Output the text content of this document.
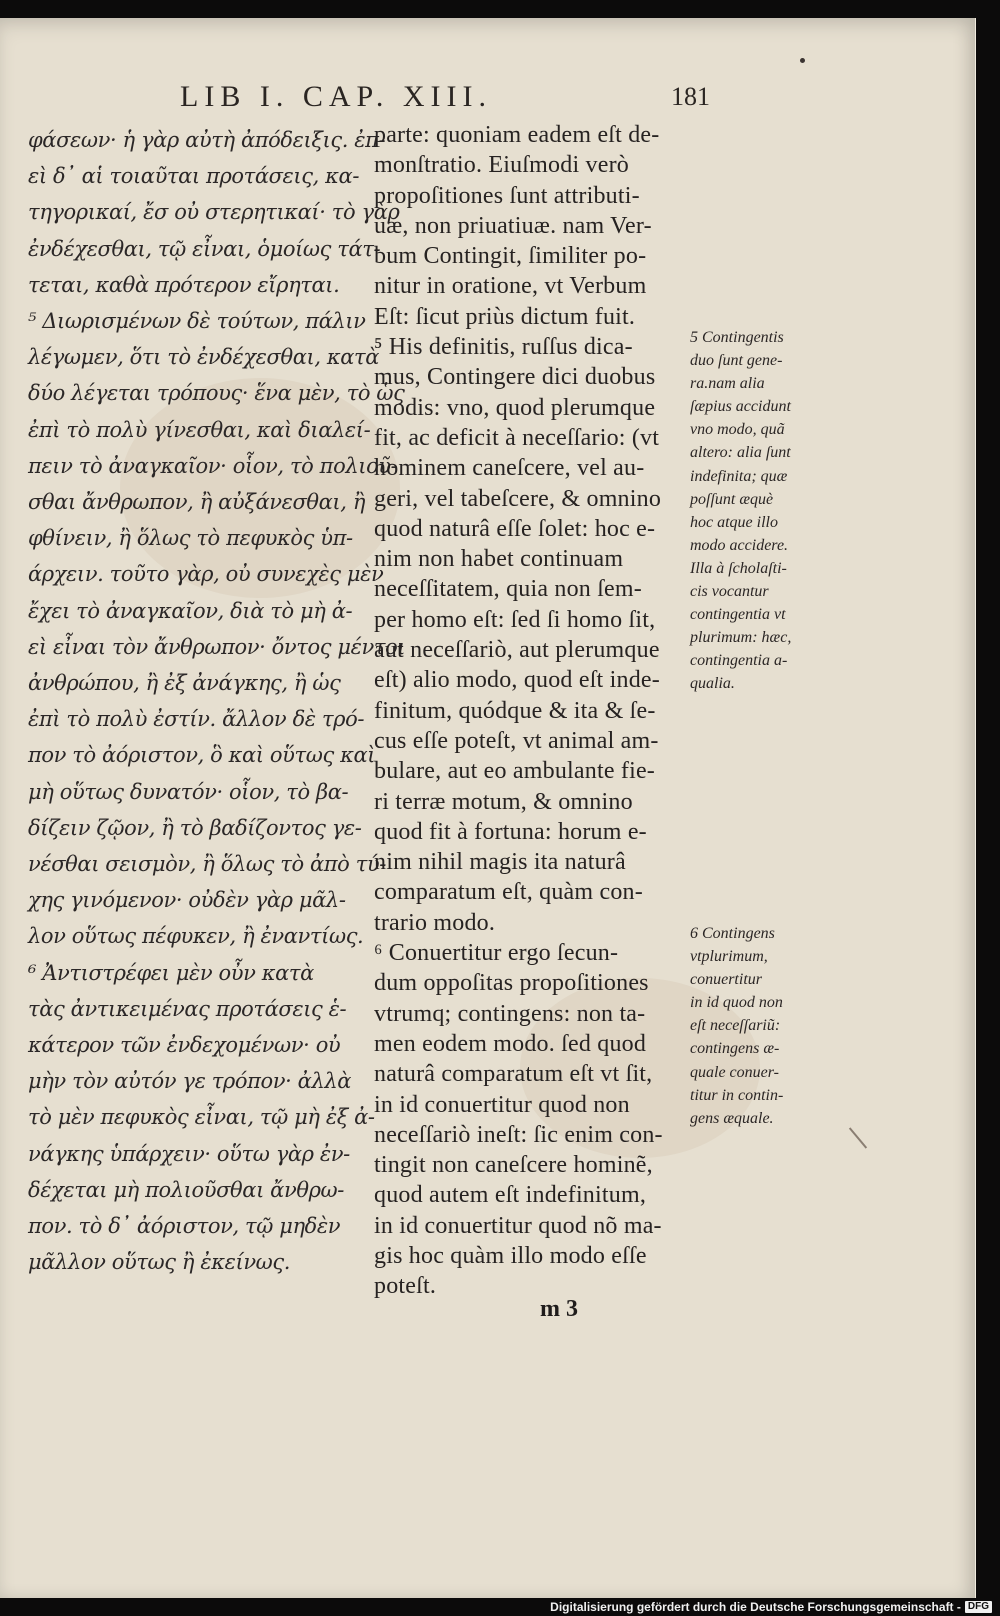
LIB I. CAP. XIII.	181
φάσεων· ἡ γὰρ αὐτὴ ἀπόδειξις. ἐπ-
εὶ δ᾽ αἱ τοιαῦται προτάσεις, κα-
τηγορικαί, ἔσ οὐ στερητικαί· τὸ γὰρ
ἐνδέχεσθαι, τῷ εἶναι, ὁμοίως τάτ-
τεται, καθὰ πρότερον εἴρηται.
⁵ Διωρισμένων δὲ τούτων, πάλιν
λέγωμεν, ὅτι τὸ ἐνδέχεσθαι, κατὰ
δύο λέγεται τρόπους· ἕνα μὲν, τὸ ὡς
ἐπὶ τὸ πολὺ γίνεσθαι, καὶ διαλεί-
πειν τὸ ἀναγκαῖον· οἷον, τὸ πολιοῦ-
σθαι ἄνθρωπον, ἢ αὐξάνεσθαι, ἢ
φθίνειν, ἢ ὅλως τὸ πεφυκὸς ὑπ-
άρχειν. τοῦτο γὰρ, οὐ συνεχὲς μὲν
ἔχει τὸ ἀναγκαῖον, διὰ τὸ μὴ ἀ-
εὶ εἶναι τὸν ἄνθρωπον· ὄντος μέντοι
ἀνθρώπου, ἢ ἐξ ἀνάγκης, ἢ ὡς
ἐπὶ τὸ πολὺ ἐστίν. ἄλλον δὲ τρό-
πον τὸ ἀόριστον, ὃ καὶ οὕτως καὶ
μὴ οὕτως δυνατόν· οἷον, τὸ βα-
δίζειν ζῷον, ἢ τὸ βαδίζοντος γε-
νέσθαι σεισμὸν, ἢ ὅλως τὸ ἀπὸ τύ-
χης γινόμενον· οὐδὲν γὰρ μᾶλ-
λον οὕτως πέφυκεν, ἢ ἐναντίως.
⁶ Ἀντιστρέφει μὲν οὖν κατὰ
τὰς ἀντικειμένας προτάσεις ἑ-
κάτερον τῶν ἐνδεχομένων· οὐ
μὴν τὸν αὐτόν γε τρόπον· ἀλλὰ
τὸ μὲν πεφυκὸς εἶναι, τῷ μὴ ἐξ ἀ-
νάγκης ὑπάρχειν· οὕτω γὰρ ἐν-
δέχεται μὴ πολιοῦσθαι ἄνθρω-
πον. τὸ δ᾽ ἀόριστον, τῷ μηδὲν
μᾶλλον οὕτως ἢ ἐκείνως.
parte: quoniam eadem eſt de-
monſtratio. Eiuſmodi verò
propoſitiones ſunt attributi-
uæ, non priuatiuæ. nam Ver-
bum Contingit, ſimiliter po-
nitur in oratione, vt Verbum
Eſt: ſicut priùs dictum fuit.
⁵ His definitis, ruſſus dica-
mus, Contingere dici duobus
modis: vno, quod plerumque
fit, ac deficit à neceſſario: (vt
hominem caneſcere, vel au-
geri, vel tabeſcere, & omnino
quod naturâ eſſe ſolet: hoc e-
nim non habet continuam
neceſſitatem, quia non ſem-
per homo eſt: ſed ſi homo ſit,
aut neceſſariò, aut plerumque
eſt) alio modo, quod eſt inde-
finitum, quódque & ita & ſe-
cus eſſe poteſt, vt animal am-
bulare, aut eo ambulante fie-
ri terræ motum, & omnino
quod fit à fortuna: horum e-
nim nihil magis ita naturâ
comparatum eſt, quàm con-
trario modo.
⁶ Conuertitur ergo ſecun-
dum oppoſitas propoſitiones
vtrumq; contingens: non ta-
men eodem modo. ſed quod
naturâ comparatum eſt vt ſit,
in id conuertitur quod non
neceſſariò ineſt: ſic enim con-
tingit non caneſcere hominẽ,
quod autem eſt indefinitum,
in id conuertitur quod nõ ma-
gis hoc quàm illo modo eſſe
poteſt.
5 Contingentis
duo ſunt gene-
ra.nam alia
ſæpius accidunt
vno modo, quã
altero: alia ſunt
indefinita; quæ
poſſunt æquè
hoc atque illo
modo accidere.
Illa à ſcholaſti-
cis vocantur
contingentia vt
plurimum: hæc,
contingentia a-
qualia.
6 Contingens
vtplurimum,
conuertitur
in id quod non
eſt neceſſariũ:
contingens æ-
quale conuer-
titur in contin-
gens æquale.
m 3
Digitalisierung gefördert durch die Deutsche Forschungsgemeinschaft - DFG
